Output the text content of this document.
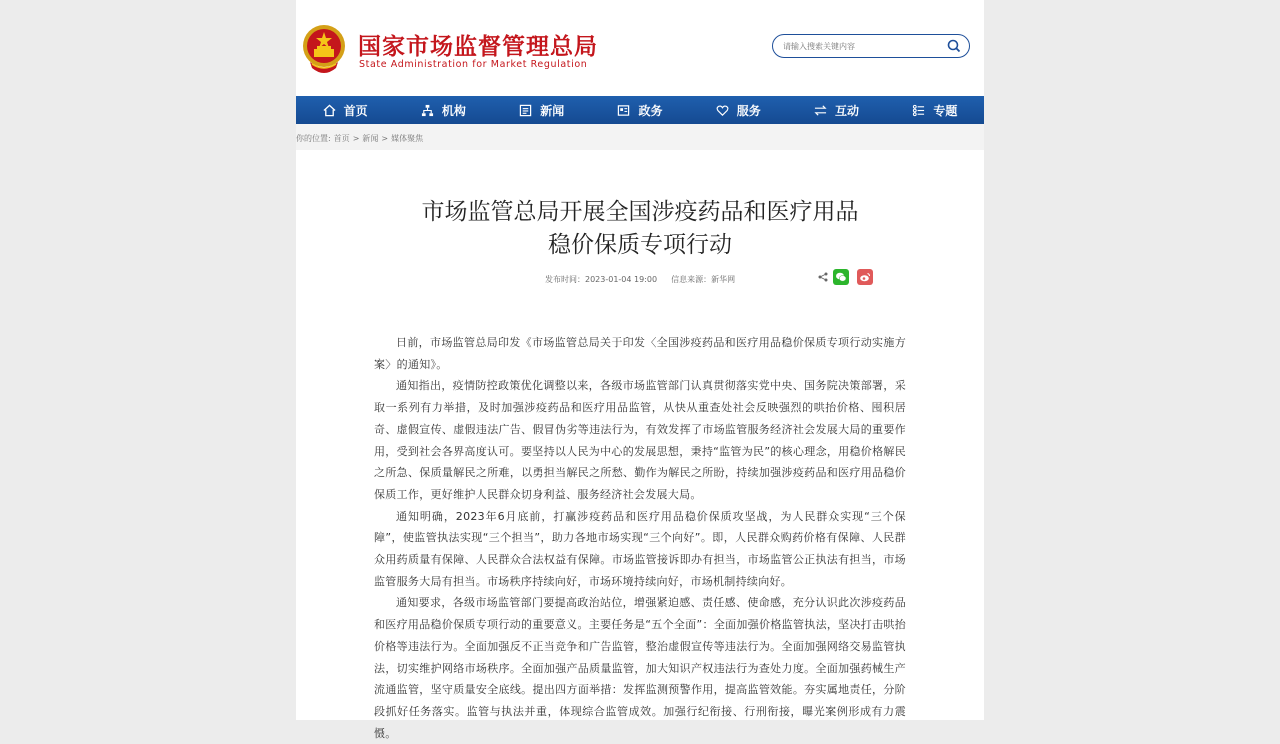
国家市场监督管理总局
State Administration for Market Regulation
请输入搜索关键内容
首页	机构	新闻	政务	服务	互动	专题
你的位置: 首页 > 新闻 > 媒体聚焦
市场监管总局开展全国涉疫药品和医疗用品
稳价保质专项行动
发布时间：2023-01-04 19:00 信息来源：新华网

日前，市场监管总局印发《市场监管总局关于印发〈全国涉疫药品和医疗用品稳价保质专项行动实施方案〉的通知》。

通知指出，疫情防控政策优化调整以来，各级市场监管部门认真贯彻落实党中央、国务院决策部署，采取一系列有力举措，及时加强涉疫药品和医疗用品监管，从快从重查处社会反映强烈的哄抬价格、囤积居奇、虚假宣传、虚假违法广告、假冒伪劣等违法行为，有效发挥了市场监管服务经济社会发展大局的重要作用，受到社会各界高度认可。要坚持以人民为中心的发展思想，秉持“监管为民”的核心理念，用稳价格解民之所急、保质量解民之所难，以勇担当解民之所愁、勤作为解民之所盼，持续加强涉疫药品和医疗用品稳价保质工作，更好维护人民群众切身利益、服务经济社会发展大局。

通知明确，2023年6月底前，打赢涉疫药品和医疗用品稳价保质攻坚战，为人民群众实现“三个保障”，使监管执法实现“三个担当”，助力各地市场实现“三个向好”。即，人民群众购药价格有保障、人民群众用药质量有保障、人民群众合法权益有保障。市场监管接诉即办有担当，市场监管公正执法有担当，市场监管服务大局有担当。市场秩序持续向好，市场环境持续向好，市场机制持续向好。

通知要求，各级市场监管部门要提高政治站位，增强紧迫感、责任感、使命感，充分认识此次涉疫药品和医疗用品稳价保质专项行动的重要意义。主要任务是“五个全面”：全面加强价格监管执法，坚决打击哄抬价格等违法行为。全面加强反不正当竞争和广告监管，整治虚假宣传等违法行为。全面加强网络交易监管执法，切实维护网络市场秩序。全面加强产品质量监管，加大知识产权违法行为查处力度。全面加强药械生产流通监管，坚守质量安全底线。提出四方面举措：发挥监测预警作用，提高监管效能。夯实属地责任，分阶段抓好任务落实。监管与执法并重，体现综合监管成效。加强行纪衔接、行刑衔接，曝光案例形成有力震慑。
